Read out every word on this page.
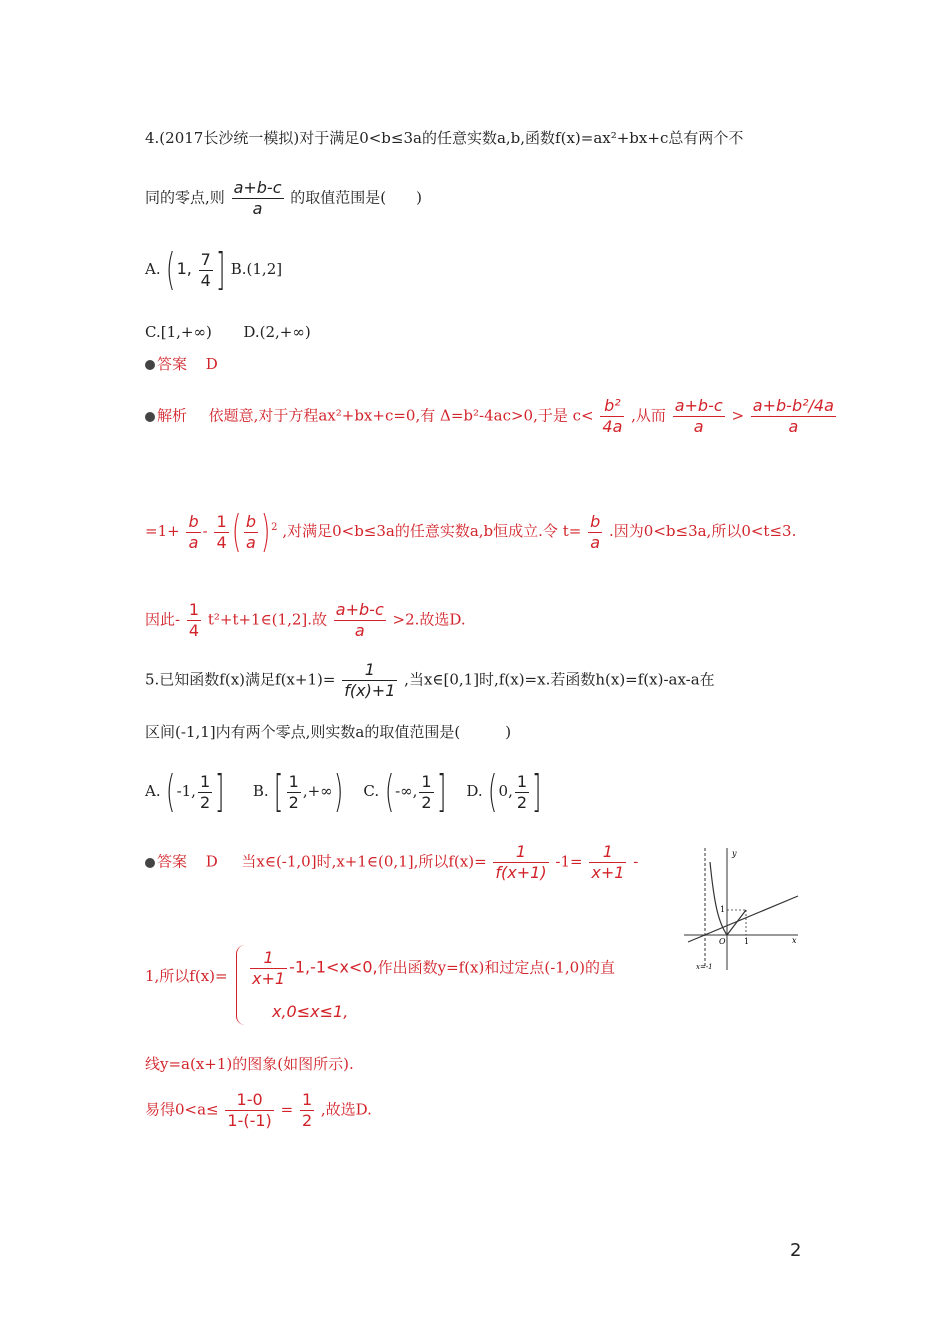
4.(2017长沙统一模拟)对于满足0<b≤3a的任意实数a,b,函数f(x)=ax²+bx+c总有两个不
同的零点,则 $\frac{a+b-c}{a}$ 的取值范围是(　　)
A. (1, $\frac{7}{4}$ ] B.(1,2]
C.[1,+∞) D.(2,+∞)
答案 D
解析 依题意,对于方程ax²+bx+c=0,有 Δ=b²-4ac>0,于是 $c< \frac{\text{b²}}{4a}$ ,从而 $\frac{a+b-c}{a} > \frac{\text{a+b-b²/4a}}{a}$
$=1+ \frac{b}{a} - \frac{1}{4}$ ( $\frac{b}{a} )^2$ ,对满足0<b≤3a的任意实数a,b恒成立.令 $t= \frac{b}{a}$ .因为0<b≤3a,所以0<t≤3.
因此- $\frac{1}{4}$ t²+t+1∈(1,2].故 $\frac{a+b-c}{a} >2$.故选D.
5.已知函数f(x)满足$f(x+1)= \frac{1}{f(x)+1}$ ,当x∈[0,1]时,f(x)=x.若函数h(x)=f(x)-ax-a在
区间(-1,1]内有两个零点,则实数a的取值范围是(　　　)
A. (-1, $\frac{1}{2}$ ] B. [ $\frac{1}{2}$ ,+∞) C. (-∞, $\frac{1}{2}$ ] D. (0, $\frac{1}{2}$ ]
答案 D 当x∈(-1,0]时,x+1∈(0,1],所以$f(x)= \frac{1}{f(x+1)} -1= \frac{1}{x+1}$ -
1,所以$f(x)= \frac{1}{x+1} -1,-1<x<0$,作出函数y=f(x)和过定点(-1,0)的直
x,0≤x≤1,
线y=a(x+1)的图象(如图所示).
易得$0<a\le \frac{1-0}{1-(-1)} = \frac{1}{2}$ ,故选D.
y
x
O 1
1
x=-1
2
